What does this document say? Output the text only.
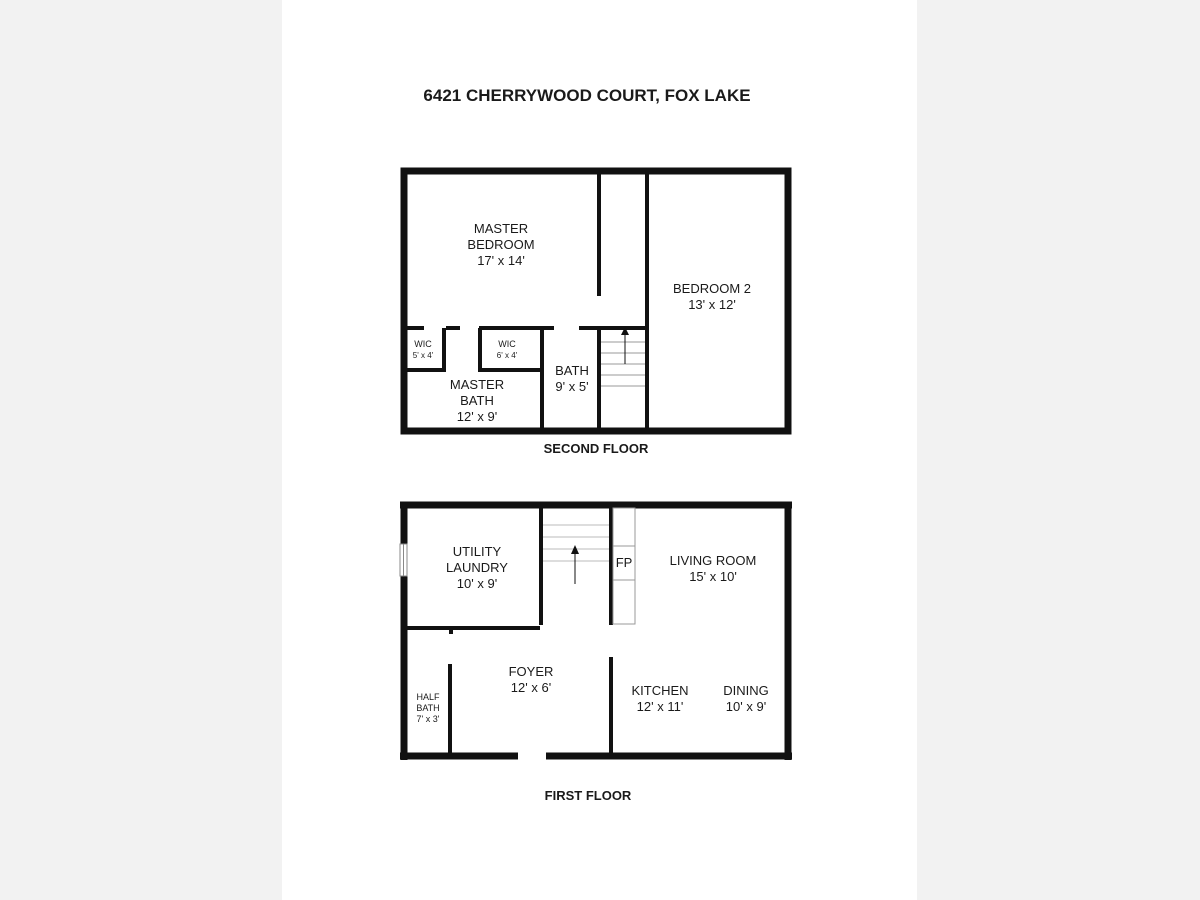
6421 CHERRYWOOD COURT, FOX LAKE
MASTER
BEDROOM
17' x 14'
BEDROOM 2
13' x 12'
WIC
5' x 4'
WIC
6' x 4'
MASTER
BATH
12' x 9'
BATH
9' x 5'
SECOND FLOOR
FP
UTILITY
LAUNDRY
10' x 9'
LIVING ROOM
15' x 10'
FOYER
12' x 6'	KITCHEN
12' x 11'
DINING
10' x 9'
HALF
BATH
7' x 3'
FIRST FLOOR
